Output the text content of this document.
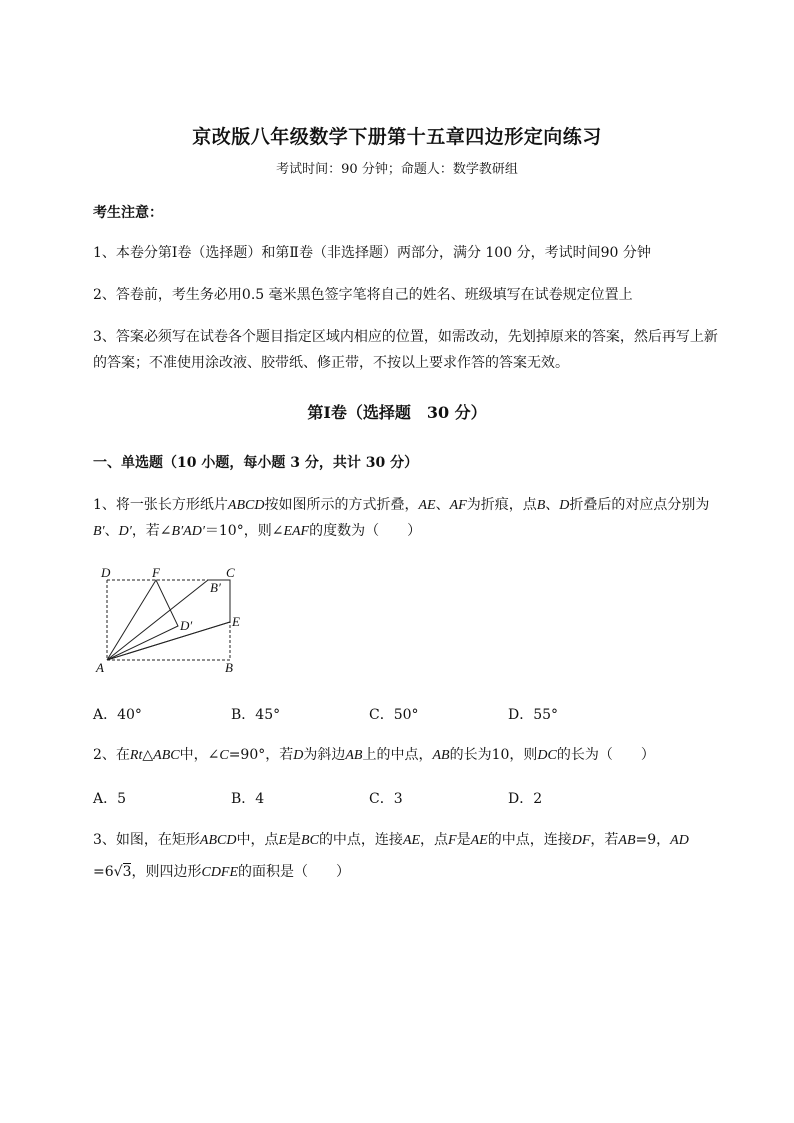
京改版八年级数学下册第十五章四边形定向练习
考试时间：90 分钟；命题人：数学教研组
考生注意：
1、本卷分第Ⅰ卷（选择题）和第Ⅱ卷（非选择题）两部分，满分 100 分，考试时间90 分钟
2、答卷前，考生务必用0.5 毫米黑色签字笔将自己的姓名、班级填写在试卷规定位置上
3、答案必须写在试卷各个题目指定区域内相应的位置，如需改动，先划掉原来的答案，然后再写上新
的答案；不准使用涂改液、胶带纸、修正带，不按以上要求作答的答案无效。
第Ⅰ卷（选择题　30 分）
一、单选题（10 小题，每小题 3 分，共计 30 分）
1、将一张长方形纸片ABCD按如图所示的方式折叠，AE、AF为折痕，点B、D折叠后的对应点分别为
B′、D′，若∠B′AD′＝10°，则∠EAF的度数为（　　）
D	F	C
B′
D′	E
A	B
A．40°	B．45°	C．50°	D．55°
2、在Rt△ABC中，∠C=90°，若D为斜边AB上的中点，AB的长为10，则DC的长为（　　）
A．5	B．4	C．3	D．2
3、如图，在矩形ABCD中，点E是BC的中点，连接AE，点F是AE的中点，连接DF，若AB=9，AD
=6√3，则四边形CDFE的面积是（　　）
